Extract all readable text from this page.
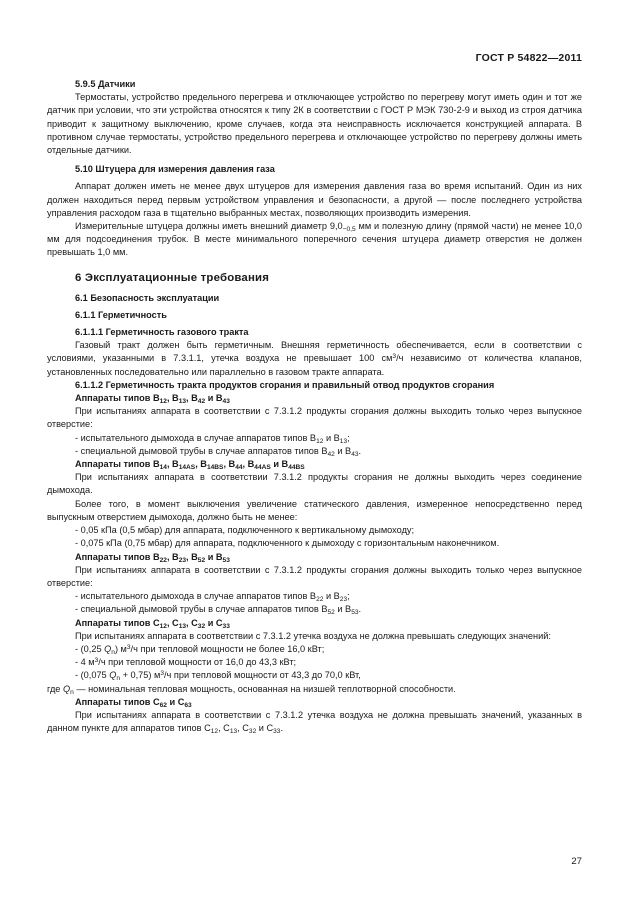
ГОСТ Р 54822—2011
5.9.5 Датчики

Термостаты, устройство предельного перегрева и отключающее устройство по перегреву могут иметь один и тот же датчик при условии, что эти устройства относятся к типу 2К в соответствии с ГОСТ Р МЭК 730-2-9 и выход из строя датчика приводит к защитному выключению, кроме случаев, когда эта неисправность исключается конструкцией аппарата. В противном случае термостаты, устройство предельного перегрева и отключающее устройство по перегреву должны иметь отдельные датчики.

5.10 Штуцера для измерения давления газа

Аппарат должен иметь не менее двух штуцеров для измерения давления газа во время испытаний. Один из них должен находиться перед первым устройством управления и безопасности, а другой — после последнего устройства управления расходом газа в тщательно выбранных местах, позволяющих производить измерения.

Измерительные штуцера должны иметь внешний диаметр $9,0_{-0,5}$ мм и полезную длину (прямой части) не менее 10,0 мм для подсоединения трубок. В месте минимального поперечного сечения штуцера диаметр отверстия не должен превышать 1,0 мм.

6 Эксплуатационные требования
6.1 Безопасность эксплуатации
6.1.1 Герметичность
6.1.1.1 Герметичность газового тракта

Газовый тракт должен быть герметичным. Внешняя герметичность обеспечивается, если в соответствии с условиями, указанными в 7.3.1.1, утечка воздуха не превышает 100 $см^3/ч$ независимо от количества клапанов, установленных последовательно или параллельно в газовом тракте аппарата.

6.1.1.2 Герметичность тракта продуктов сгорания и правильный отвод продуктов сгорания
Аппараты типов $B_{12}$, $B_{13}$, $B_{42}$ и $B_{43}$

При испытаниях аппарата в соответствии с 7.3.1.2 продукты сгорания должны выходить только через выпускное отверстие:

- испытательного дымохода в случае аппаратов типов $B_{12}$ и $B_{13}$;
- специальной дымовой трубы в случае аппаратов типов $B_{42}$ и $B_{43}$.
Аппараты типов $B_{14}$, $B_{14AS}$, $B_{14BS}$, $B_{44}$, $B_{44AS}$ и $B_{44BS}$

При испытаниях аппарата в соответствии 7.3.1.2 продукты сгорания не должны выходить через соединение дымохода.

Более того, в момент выключения увеличение статического давления, измеренное непосредственно перед выпускным отверстием дымохода, должно быть не менее:

- 0,05 кПа (0,5 мбар) для аппарата, подключенного к вертикальному дымоходу;
- 0,075 кПа (0,75 мбар) для аппарата, подключенного к дымоходу с горизонтальным наконечником.
Аппараты типов $B_{22}$, $B_{23}$, $B_{52}$ и $B_{53}$

При испытаниях аппарата в соответствии с 7.3.1.2 продукты сгорания должны выходить только через выпускное отверстие:

- испытательного дымохода в случае аппаратов типов $B_{22}$ и $B_{23}$;
- специальной дымовой трубы в случае аппаратов типов $B_{52}$ и $B_{53}$.
Аппараты типов $C_{12}$, $C_{13}$, $C_{32}$ и $C_{33}$

При испытаниях аппарата в соответствии с 7.3.1.2 утечка воздуха не должна превышать следующих значений:

- (0,25 $Q_n$) $м^3/ч$ при тепловой мощности не более 16,0 кВт;
- 4 $м^3/ч$ при тепловой мощности от 16,0 до 43,3 кВт;
- (0,075 $Q_n + 0,75$) $м^3/ч$ при тепловой мощности от 43,3 до 70,0 кВт,

где $Q_n$ — номинальная тепловая мощность, основанная на низшей теплотворной способности.

Аппараты типов $C_{62}$ и $C_{63}$

При испытаниях аппарата в соответствии с 7.3.1.2 утечка воздуха не должна превышать значений, указанных в данном пункте для аппаратов типов $C_{12}$, $C_{13}$, $C_{32}$ и $C_{33}$.

27
